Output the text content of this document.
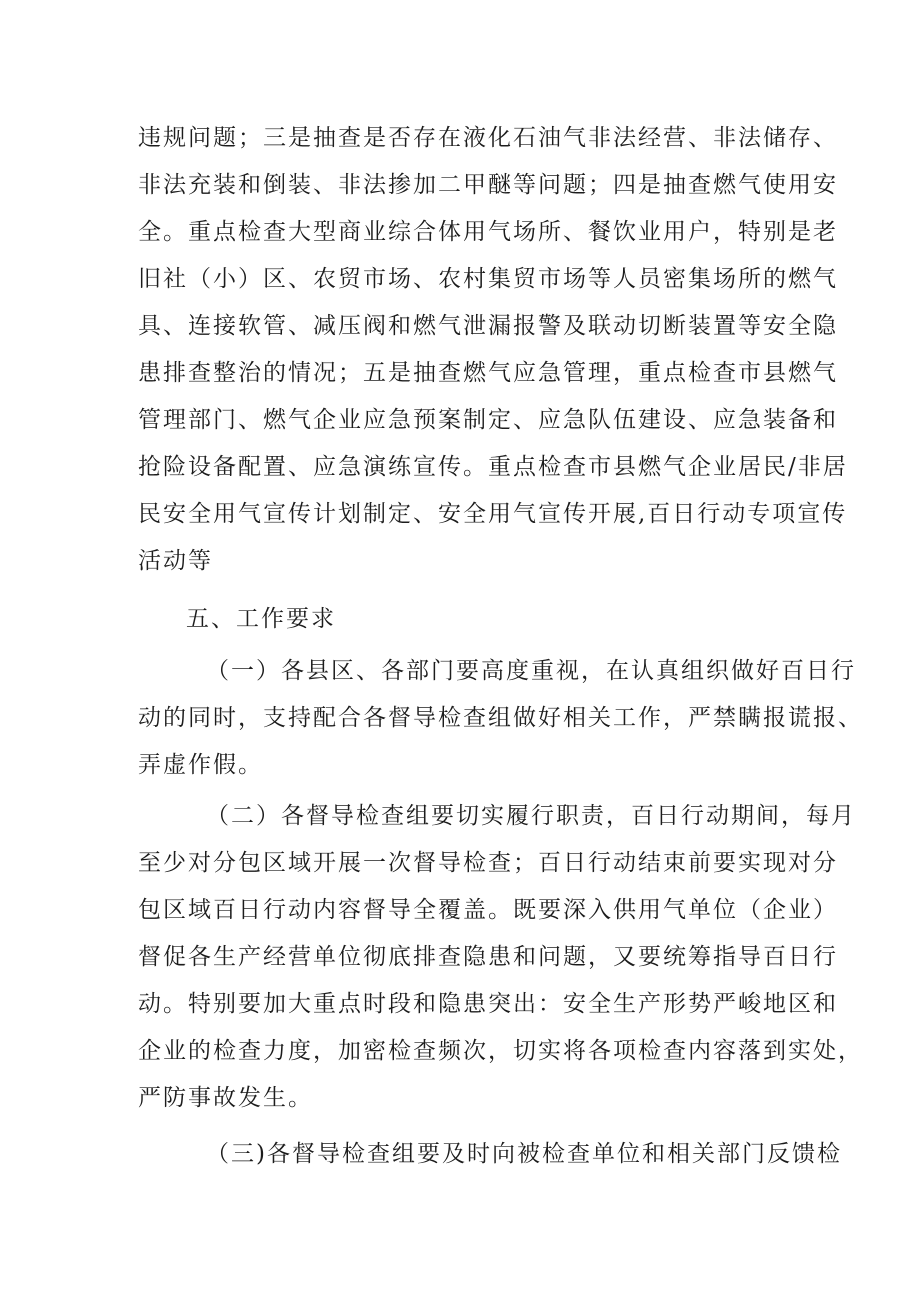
违规问题；三是抽查是否存在液化石油气非法经营、非法储存、
非法充装和倒装、非法掺加二甲醚等问题；四是抽查燃气使用安
全。重点检查大型商业综合体用气场所、餐饮业用户，特别是老
旧社（小）区、农贸市场、农村集贸市场等人员密集场所的燃气
具、连接软管、减压阀和燃气泄漏报警及联动切断装置等安全隐
患排查整治的情况；五是抽查燃气应急管理，重点检查市县燃气
管理部门、燃气企业应急预案制定、应急队伍建设、应急装备和
抢险设备配置、应急演练宣传。重点检查市县燃气企业居民/非居
民安全用气宣传计划制定、安全用气宣传开展,百日行动专项宣传
活动等
五、工作要求
（一）各县区、各部门要高度重视，在认真组织做好百日行
动的同时，支持配合各督导检查组做好相关工作，严禁瞒报谎报、
弄虚作假。
（二）各督导检查组要切实履行职责，百日行动期间，每月
至少对分包区域开展一次督导检查；百日行动结束前要实现对分
包区域百日行动内容督导全覆盖。既要深入供用气单位（企业）
督促各生产经营单位彻底排查隐患和问题，又要统筹指导百日行
动。特别要加大重点时段和隐患突出：安全生产形势严峻地区和
企业的检查力度，加密检查频次，切实将各项检查内容落到实处，
严防事故发生。
（三)各督导检查组要及时向被检查单位和相关部门反馈检
